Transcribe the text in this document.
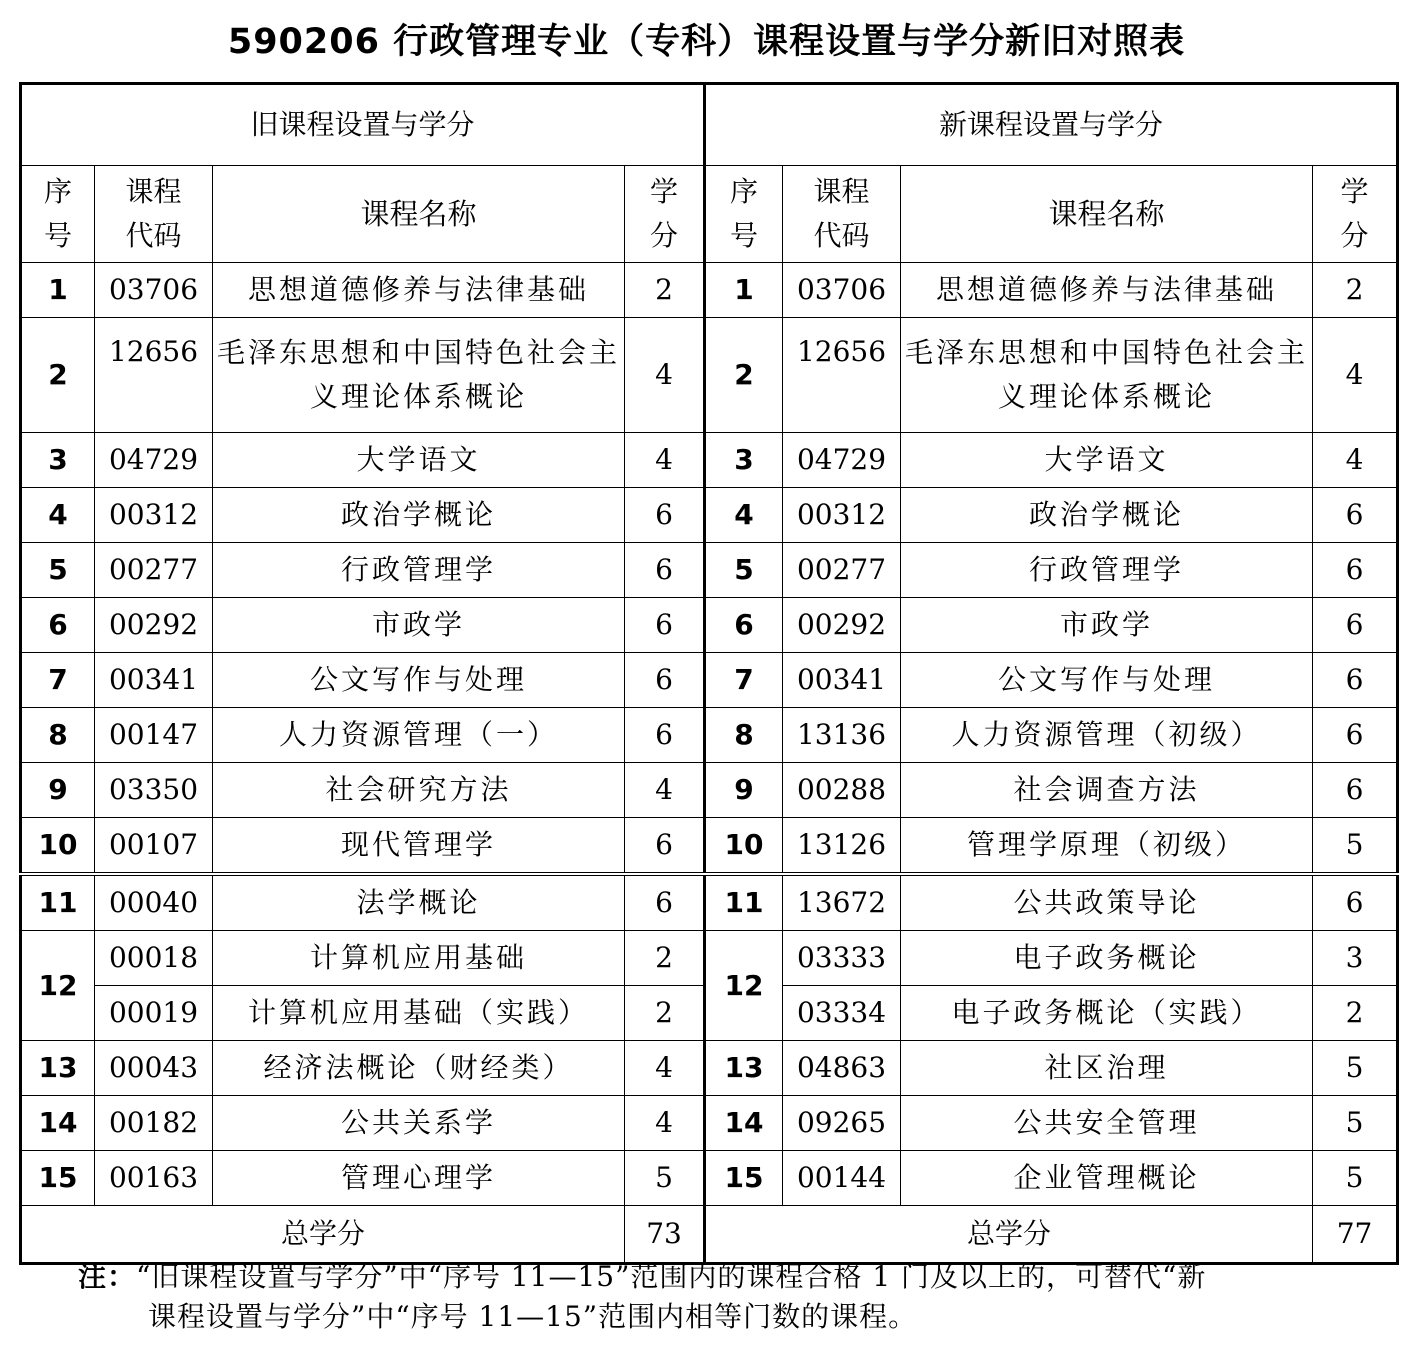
590206 行政管理专业（专科）课程设置与学分新旧对照表
旧课程设置与学分				新课程设置与学分			
序号	课程代码	课程名称	学分	序号	课程代码	课程名称	学分
1	03706	思想道德修养与法律基础	2	1	03706	思想道德修养与法律基础	2
2	12656	毛泽东思想和中国特色社会主义理论体系概论	4	2	12656	毛泽东思想和中国特色社会主义理论体系概论	4
3	04729	大学语文	4	3	04729	大学语文	4
4	00312	政治学概论	6	4	00312	政治学概论	6
5	00277	行政管理学	6	5	00277	行政管理学	6
6	00292	市政学	6	6	00292	市政学	6
7	00341	公文写作与处理	6	7	00341	公文写作与处理	6
8	00147	人力资源管理（一）	6	8	13136	人力资源管理（初级）	6
9	03350	社会研究方法	4	9	00288	社会调查方法	6
10	00107	现代管理学	6	10	13126	管理学原理（初级）	5
11	00040	法学概论	6	11	13672	公共政策导论	6
12	00018	计算机应用基础	2	12	03333	电子政务概论	3
	00019	计算机应用基础（实践）	2		03334	电子政务概论（实践）	2
13	00043	经济法概论（财经类）	4	13	04863	社区治理	5
14	00182	公共关系学	4	14	09265	公共安全管理	5
15	00163	管理心理学	5	15	00144	企业管理概论	5
总学分			73	总学分			77
注：“旧课程设置与学分”中“序号 11—15”范围内的课程合格 1 门及以上的，可替代“新
课程设置与学分”中“序号 11—15”范围内相等门数的课程。
